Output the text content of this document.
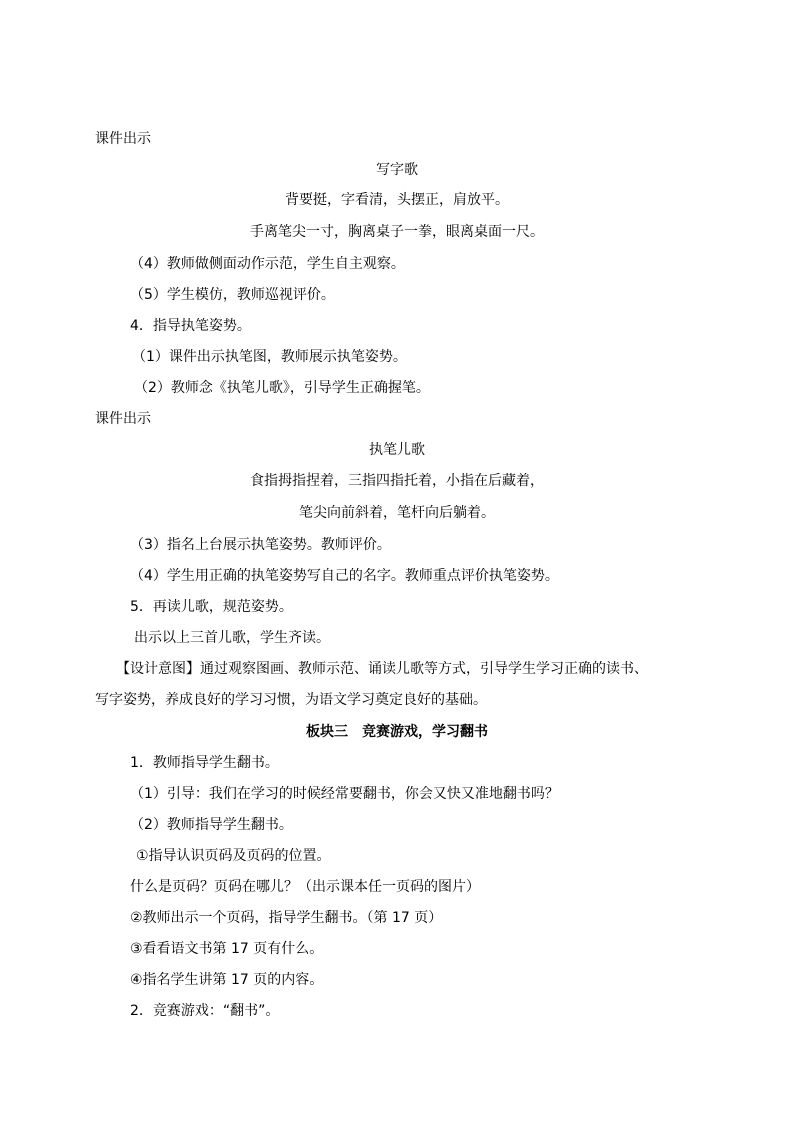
课件出示
写字歌
背要挺，字看清，头摆正，肩放平。
手离笔尖一寸，胸离桌子一拳，眼离桌面一尺。
（4）教师做侧面动作示范，学生自主观察。
（5）学生模仿，教师巡视评价。
4．指导执笔姿势。
（1）课件出示执笔图，教师展示执笔姿势。
（2）教师念《执笔儿歌》，引导学生正确握笔。
课件出示
执笔儿歌
食指拇指捏着，三指四指托着，小指在后藏着，
笔尖向前斜着，笔杆向后躺着。
（3）指名上台展示执笔姿势。教师评价。
（4）学生用正确的执笔姿势写自己的名字。教师重点评价执笔姿势。
5．再读儿歌，规范姿势。
出示以上三首儿歌，学生齐读。
【设计意图】通过观察图画、教师示范、诵读儿歌等方式，引导学生学习正确的读书、
写字姿势，养成良好的学习习惯，为语文学习奠定良好的基础。
板块三　竞赛游戏，学习翻书
1．教师指导学生翻书。
（1）引导：我们在学习的时候经常要翻书，你会又快又准地翻书吗？
（2）教师指导学生翻书。
①指导认识页码及页码的位置。
什么是页码？页码在哪儿？（出示课本任一页码的图片）
②教师出示一个页码，指导学生翻书。（第 17 页）
③看看语文书第 17 页有什么。
④指名学生讲第 17 页的内容。
2．竞赛游戏：“翻书”。
